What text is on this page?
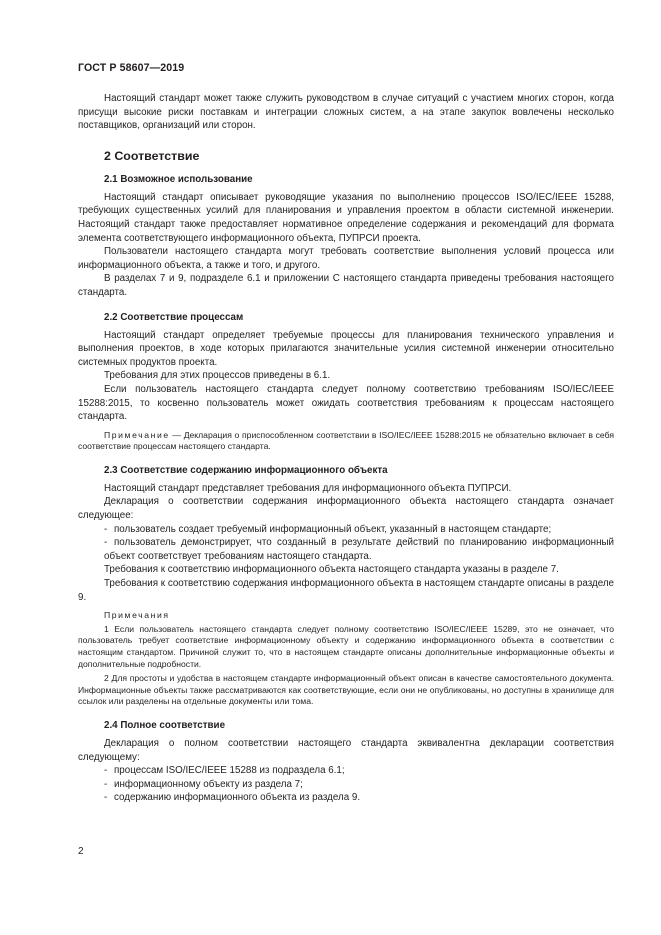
ГОСТ Р 58607—2019

Настоящий стандарт может также служить руководством в случае ситуаций с участием многих сторон, когда присущи высокие риски поставкам и интеграции сложных систем, а на этапе закупок вовлечены несколько поставщиков, организаций или сторон.

2 Соответствие

2.1 Возможное использование

Настоящий стандарт описывает руководящие указания по выполнению процессов ISO/IEC/IEEE 15288, требующих существенных усилий для планирования и управления проектом в области системной инженерии. Настоящий стандарт также предоставляет нормативное определение содержания и рекомендаций для формата элемента соответствующего информационного объекта, ПУПРСИ проекта.

Пользователи настоящего стандарта могут требовать соответствие выполнения условий процесса или информационного объекта, а также и того, и другого.

В разделах 7 и 9, подразделе 6.1 и приложении С настоящего стандарта приведены требования настоящего стандарта.

2.2 Соответствие процессам

Настоящий стандарт определяет требуемые процессы для планирования технического управления и выполнения проектов, в ходе которых прилагаются значительные усилия системной инженерии относительно системных продуктов проекта.

Требования для этих процессов приведены в 6.1.

Если пользователь настоящего стандарта следует полному соответствию требованиям ISO/IEC/IEEE 15288:2015, то косвенно пользователь может ожидать соответствия требованиям к процессам настоящего стандарта.

Примечание — Декларация о приспособленном соответствии в ISO/IEC/IEEE 15288:2015 не обязательно включает в себя соответствие процессам настоящего стандарта.

2.3 Соответствие содержанию информационного объекта

Настоящий стандарт представляет требования для информационного объекта ПУПРСИ.

Декларация о соответствии содержания информационного объекта настоящего стандарта означает следующее:

- пользователь создает требуемый информационный объект, указанный в настоящем стандарте;
- пользователь демонстрирует, что созданный в результате действий по планированию информационный объект соответствует требованиям настоящего стандарта.

Требования к соответствию информационного объекта настоящего стандарта указаны в разделе 7.

Требования к соответствию содержания информационного объекта в настоящем стандарте описаны в разделе 9.

Примечания

1 Если пользователь настоящего стандарта следует полному соответствию ISO/IEC/IEEE 15289, это не означает, что пользователь требует соответствие информационному объекту и содержанию информационного объекта в соответствии с настоящим стандартом. Причиной служит то, что в настоящем стандарте описаны дополнительные информационные объекты и дополнительные подробности.

2 Для простоты и удобства в настоящем стандарте информационный объект описан в качестве самостоятельного документа. Информационные объекты также рассматриваются как соответствующие, если они не опубликованы, но доступны в хранилище для ссылок или разделены на отдельные документы или тома.

2.4 Полное соответствие

Декларация о полном соответствии настоящего стандарта эквивалентна декларации соответствия следующему:

- процессам ISO/IEC/IEEE 15288 из подраздела 6.1;
- информационному объекту из раздела 7;
- содержанию информационного объекта из раздела 9.
2
